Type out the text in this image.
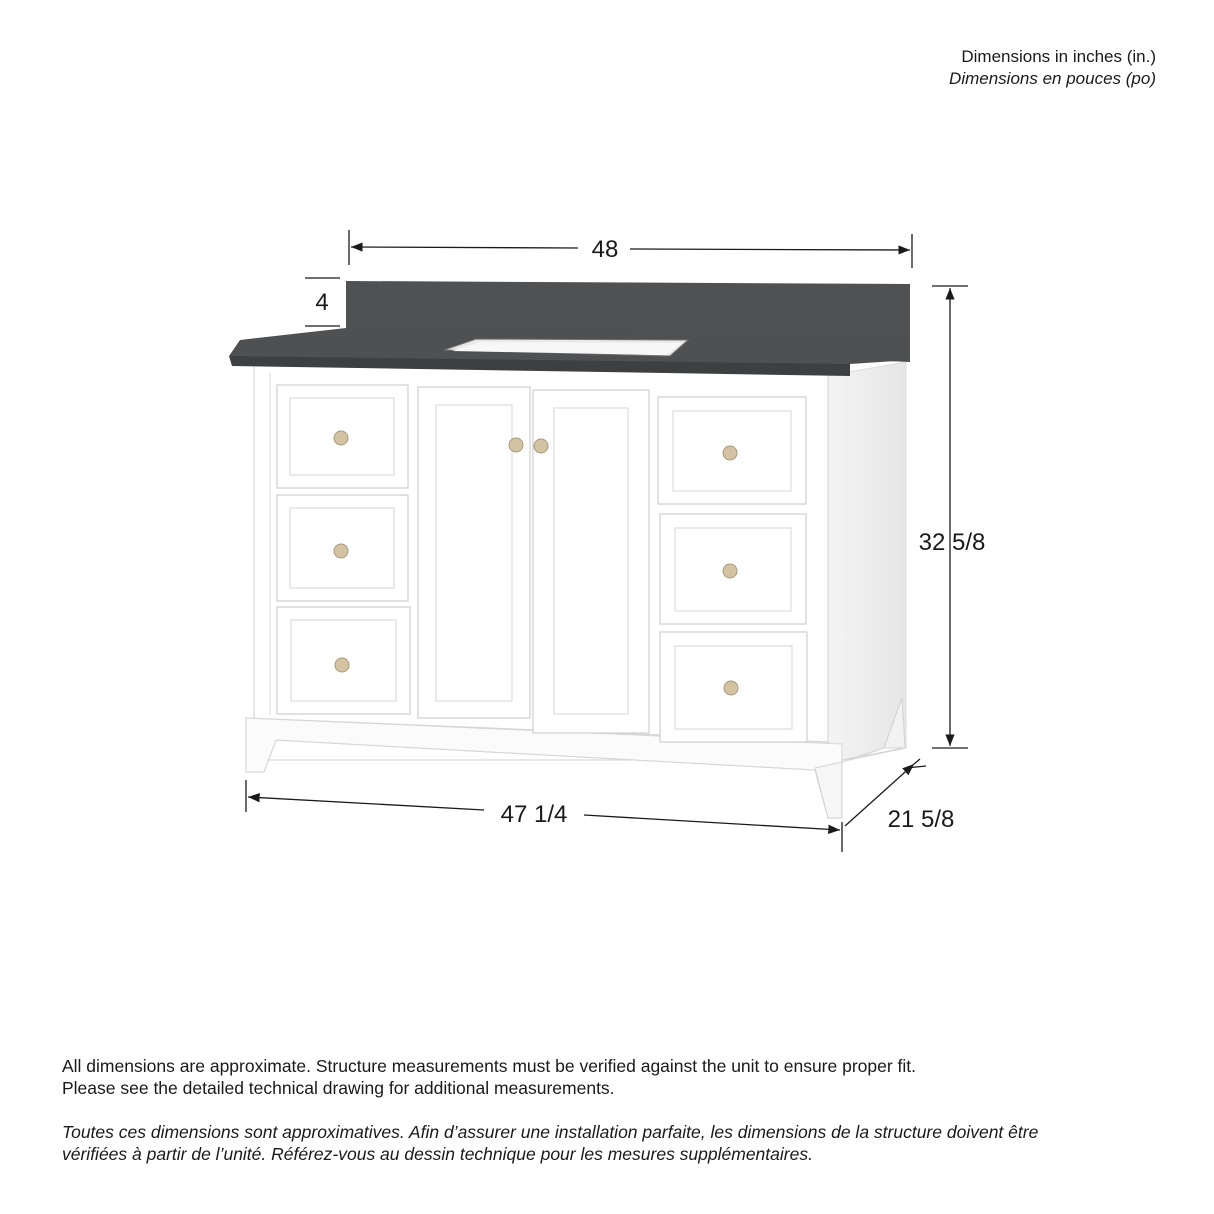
Dimensions in inches (in.)
Dimensions en pouces (po)
48
4
32 5/8
47 1/4	21 5/8

All dimensions are approximate. Structure measurements must be verified against the unit to ensure proper fit.

Please see the detailed technical drawing for additional measurements.

Toutes ces dimensions sont approximatives. Afin d’assurer une installation parfaite, les dimensions de la structure doivent être

vérifiées à partir de l’unité. Référez-vous au dessin technique pour les mesures supplémentaires.
